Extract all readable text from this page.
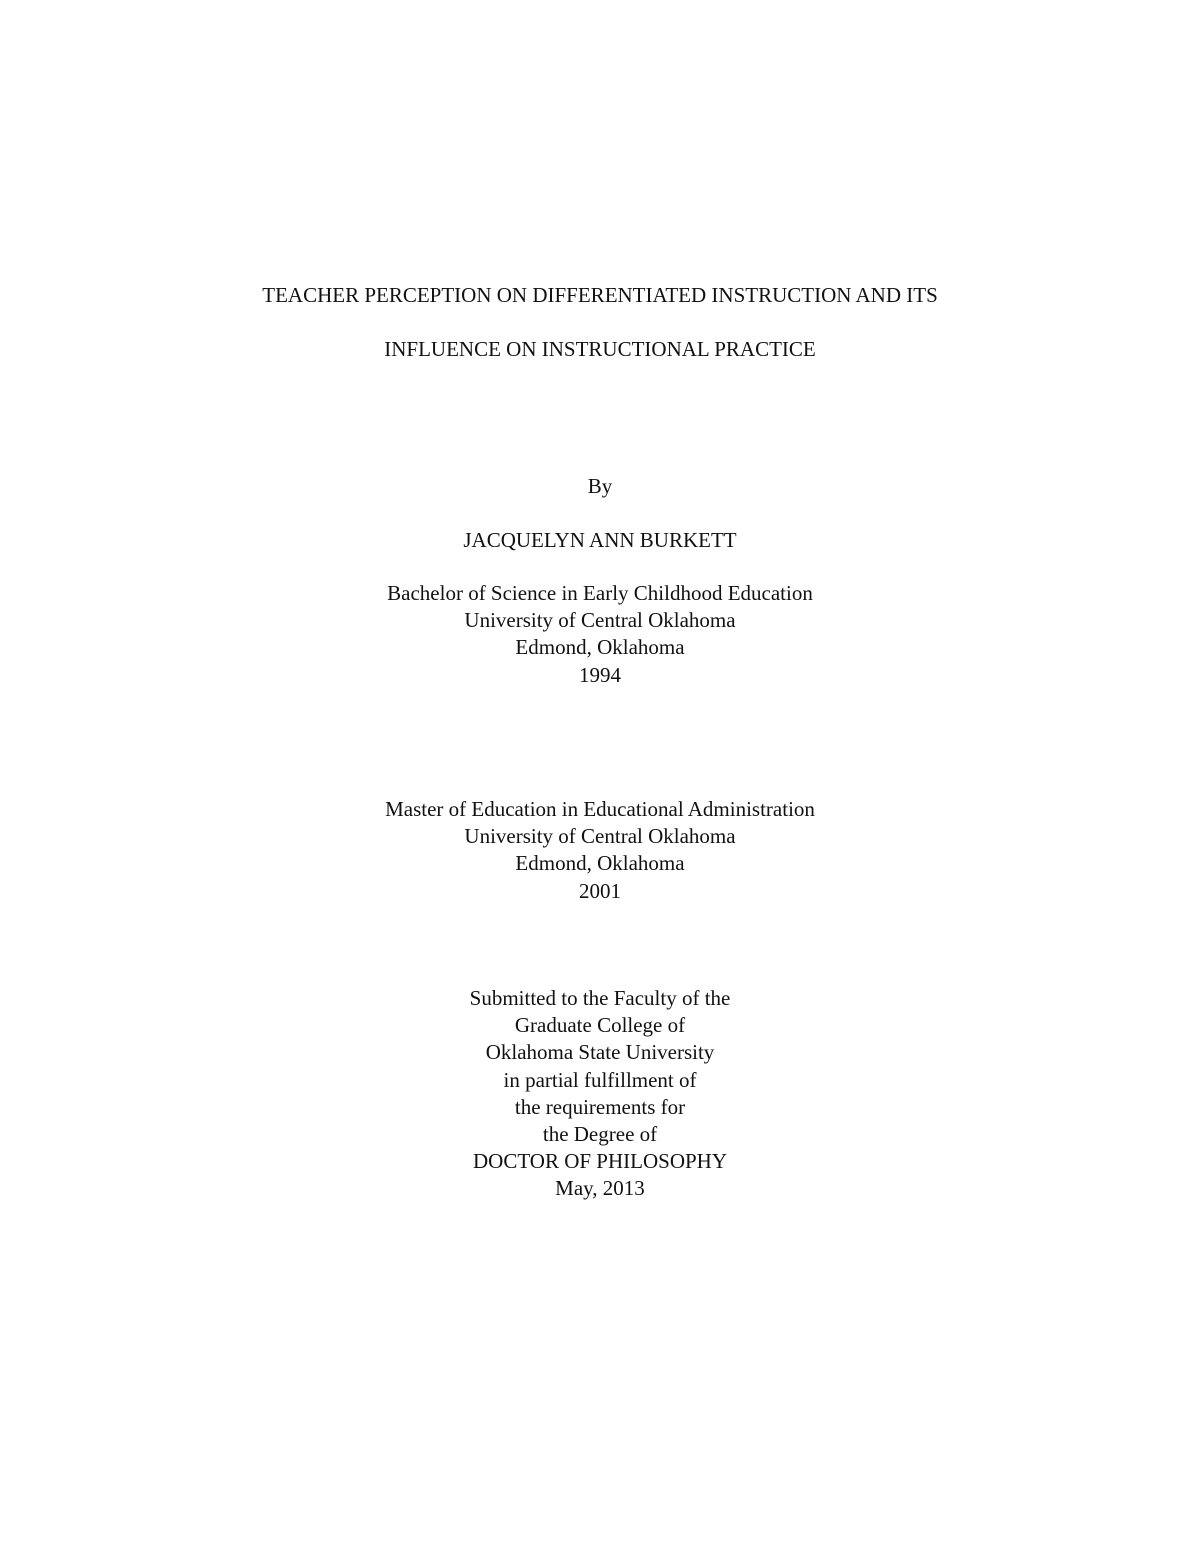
TEACHER PERCEPTION ON DIFFERENTIATED INSTRUCTION AND ITS
INFLUENCE ON INSTRUCTIONAL PRACTICE
By
JACQUELYN ANN BURKETT
Bachelor of Science in Early Childhood Education
University of Central Oklahoma
Edmond, Oklahoma
1994
Master of Education in Educational Administration
University of Central Oklahoma
Edmond, Oklahoma
2001
Submitted to the Faculty of the
Graduate College of
Oklahoma State University
in partial fulfillment of
the requirements for
the Degree of
DOCTOR OF PHILOSOPHY
May, 2013
